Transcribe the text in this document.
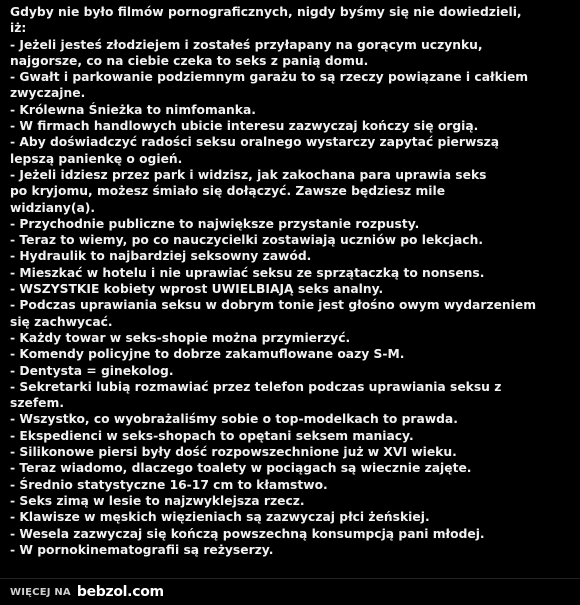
Gdyby nie było filmów pornograficznych, nigdy byśmy się nie dowiedzieli,
iż:
- Jeżeli jesteś złodziejem i zostałeś przyłapany na gorącym uczynku,
najgorsze, co na ciebie czeka to seks z panią domu.
- Gwałt i parkowanie podziemnym garażu to są rzeczy powiązane i całkiem
zwyczajne.
- Królewna Śnieżka to nimfomanka.
- W firmach handlowych ubicie interesu zazwyczaj kończy się orgią.
- Aby doświadczyć radości seksu oralnego wystarczy zapytać pierwszą
lepszą panienkę o ogień.
- Jeżeli idziesz przez park i widzisz, jak zakochana para uprawia seks
po kryjomu, możesz śmiało się dołączyć. Zawsze będziesz mile
widziany(a).
- Przychodnie publiczne to największe przystanie rozpusty.
- Teraz to wiemy, po co nauczycielki zostawiają uczniów po lekcjach.
- Hydraulik to najbardziej seksowny zawód.
- Mieszkać w hotelu i nie uprawiać seksu ze sprzątaczką to nonsens.
- WSZYSTKIE kobiety wprost UWIELBIAJĄ seks analny.
- Podczas uprawiania seksu w dobrym tonie jest głośno owym wydarzeniem
się zachwycać.
- Każdy towar w seks-shopie można przymierzyć.
- Komendy policyjne to dobrze zakamuflowane oazy S-M.
- Dentysta = ginekolog.
- Sekretarki lubią rozmawiać przez telefon podczas uprawiania seksu z
szefem.
- Wszystko, co wyobrażaliśmy sobie o top-modelkach to prawda.
- Ekspedienci w seks-shopach to opętani seksem maniacy.
- Silikonowe piersi były dość rozpowszechnione już w XVI wieku.
- Teraz wiadomo, dlaczego toalety w pociągach są wiecznie zajęte.
- Średnio statystyczne 16-17 cm to kłamstwo.
- Seks zimą w lesie to najzwyklejsza rzecz.
- Klawisze w męskich więzieniach są zazwyczaj płci żeńskiej.
- Wesela zazwyczaj się kończą powszechną konsumpcją pani młodej.
- W pornokinematografii są reżyserzy.
WIĘCEJ NA bebzol.com
